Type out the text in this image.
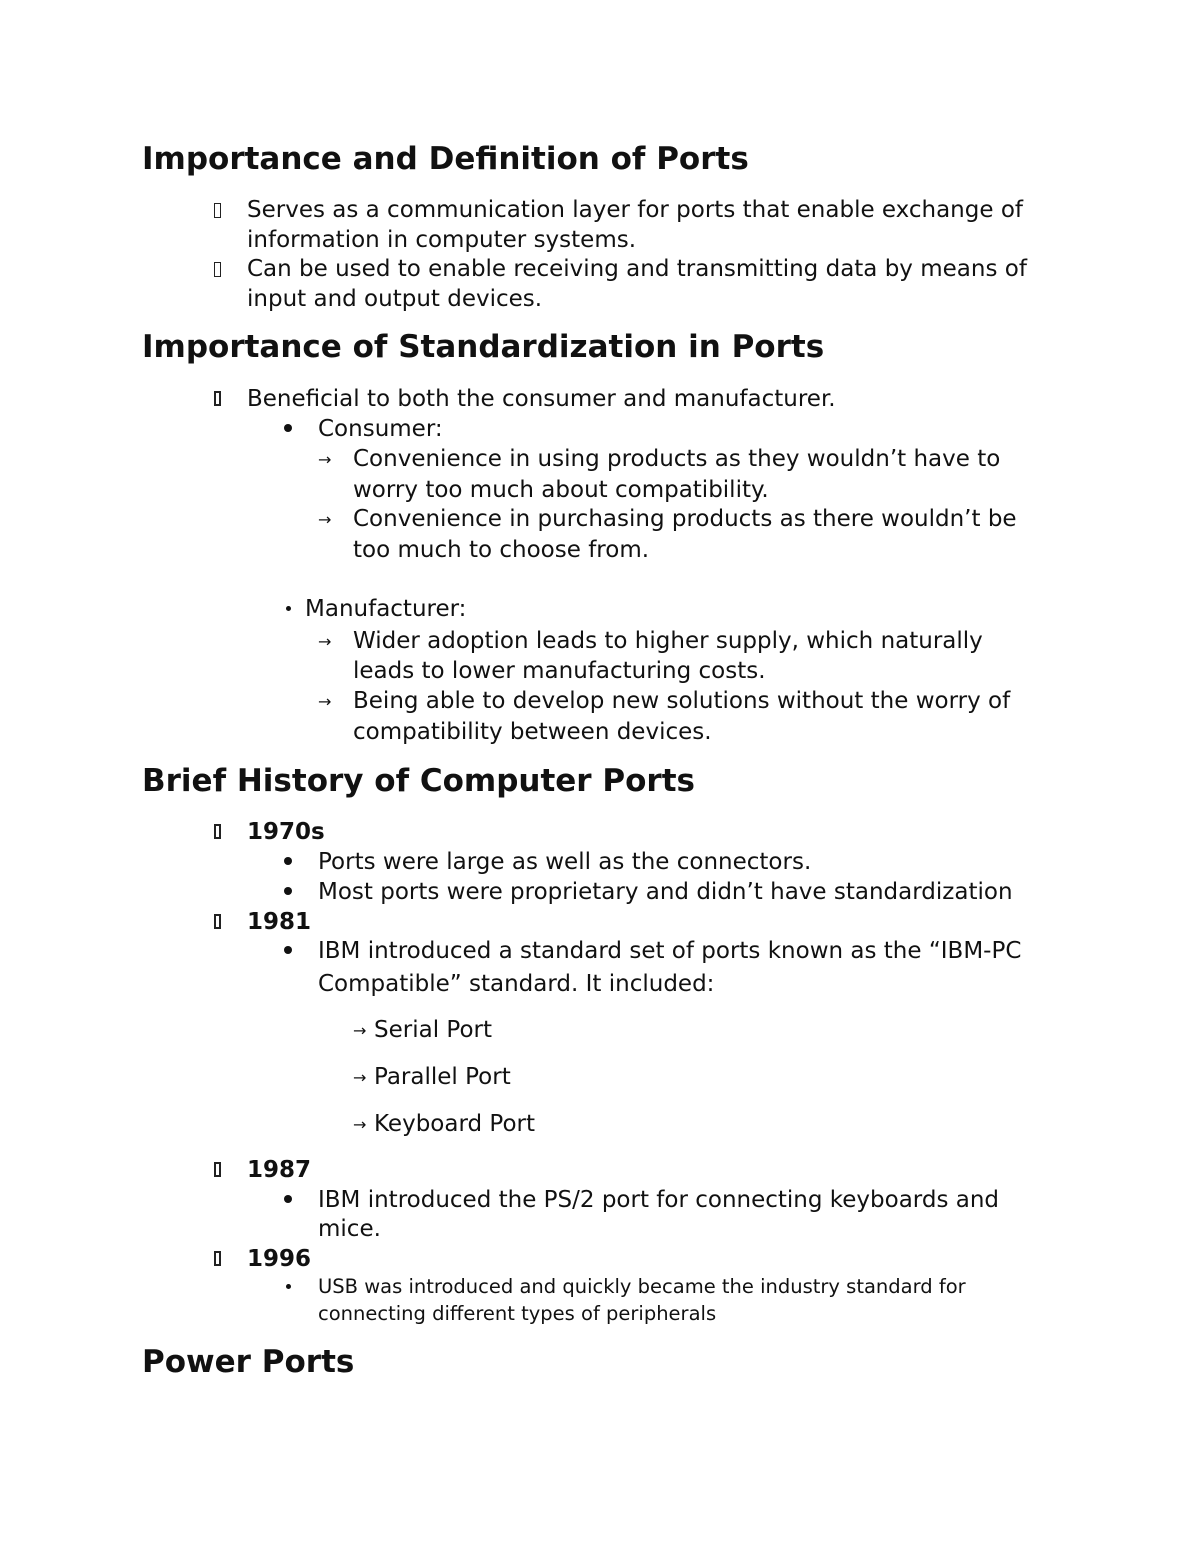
Importance and Definition of Ports
Serves as a communication layer for ports that enable exchange of
information in computer systems.
Can be used to enable receiving and transmitting data by means of
input and output devices.
Importance of Standardization in Ports
Beneficial to both the consumer and manufacturer.
Consumer:
→ Convenience in using products as they wouldn’t have to
worry too much about compatibility.
→ Convenience in purchasing products as there wouldn’t be
too much to choose from.
Manufacturer:
→ Wider adoption leads to higher supply, which naturally
leads to lower manufacturing costs.
→ Being able to develop new solutions without the worry of
compatibility between devices.
Brief History of Computer Ports
1970s
Ports were large as well as the connectors.
Most ports were proprietary and didn’t have standardization
1981
IBM introduced a standard set of ports known as the “IBM-PC
Compatible” standard. It included:
→ Serial Port
→ Parallel Port
→ Keyboard Port
1987
IBM introduced the PS/2 port for connecting keyboards and
mice.
1996
USB was introduced and quickly became the industry standard for
connecting different types of peripherals
Power Ports
